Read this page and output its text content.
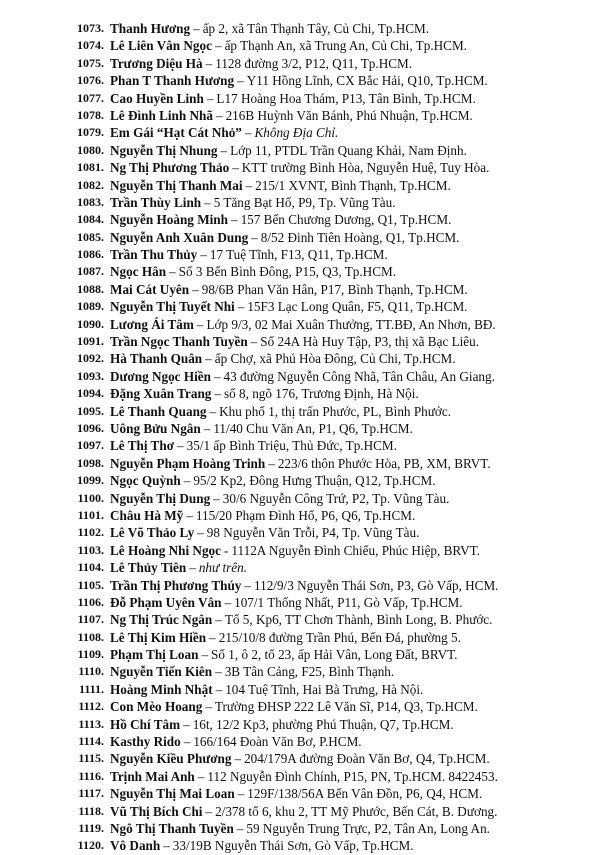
1073. Thanh Hương – ấp 2, xã Tân Thạnh Tây, Củ Chi, Tp.HCM.
1074. Lê Liên Vân Ngọc – ấp Thạnh An, xã Trung An, Củ Chi, Tp.HCM.
1075. Trương Diệu Hà – 1128 đường 3/2, P12, Q11, Tp.HCM.
1076. Phan T Thanh Hương – Y11 Hồng Lĩnh, CX Bắc Hải, Q10, Tp.HCM.
1077. Cao Huyền Linh – L17 Hoàng Hoa Thám, P13, Tân Bình, Tp.HCM.
1078. Lê Đình Linh Nhã – 216B Huỳnh Văn Bánh, Phú Nhuận, Tp.HCM.
1079. Em Gái “Hạt Cát Nhỏ” – Không Địa Chỉ.
1080. Nguyễn Thị Nhung – Lớp 11, PTDL Trần Quang Khải, Nam Định.
1081. Ng Thị Phương Thảo – KTT trường Bình Hòa, Nguyễn Huệ, Tuy Hòa.
1082. Nguyễn Thị Thanh Mai – 215/1 XVNT, Bình Thạnh, Tp.HCM.
1083. Trần Thùy Linh – 5 Tăng Bạt Hổ, P9, Tp. Vũng Tàu.
1084. Nguyễn Hoàng Minh – 157 Bến Chương Dương, Q1, Tp.HCM.
1085. Nguyễn Anh Xuân Dung – 8/52 Đinh Tiên Hoàng, Q1, Tp.HCM.
1086. Trần Thu Thủy – 17 Tuệ Tĩnh, F13, Q11, Tp.HCM.
1087. Ngọc Hân – Số 3 Bến Bình Đông, P15, Q3, Tp.HCM.
1088. Mai Cát Uyên – 98/6B Phan Văn Hân, P17, Bình Thạnh, Tp.HCM.
1089. Nguyễn Thị Tuyết Nhi – 15F3 Lạc Long Quân, F5, Q11, Tp.HCM.
1090. Lương Ái Tâm – Lớp 9/3, 02 Mai Xuân Thưởng, TT.BĐ, An Nhơn, BĐ.
1091. Trần Ngọc Thanh Tuyền – Số 24A Hà Huy Tập, P3, thị xã Bạc Liêu.
1092. Hà Thanh Quân – ấp Chợ, xã Phú Hòa Đông, Củ Chi, Tp.HCM.
1093. Dương Ngọc Hiền – 43 đường Nguyễn Công Nhã, Tân Châu, An Giang.
1094. Đặng Xuân Trang – số 8, ngõ 176, Trương Định, Hà Nội.
1095. Lê Thanh Quang – Khu phố 1, thị trấn Phước, PL, Bình Phước.
1096. Uông Bửu Ngân – 11/40 Chu Văn An, P1, Q6, Tp.HCM.
1097. Lê Thị Thơ – 35/1 ấp Bình Triệu, Thủ Đức, Tp.HCM.
1098. Nguyễn Phạm Hoàng Trinh – 223/6 thôn Phước Hòa, PB, XM, BRVT.
1099. Ngọc Quỳnh – 95/2 Kp2, Đông Hưng Thuận, Q12, Tp.HCM.
1100. Nguyễn Thị Dung – 30/6 Nguyễn Công Trứ, P2, Tp. Vũng Tàu.
1101. Châu Hà Mỹ – 115/20 Phạm Đình Hổ, P6, Q6, Tp.HCM.
1102. Lê Võ Thảo Ly – 98 Nguyễn Văn Trỗi, P4, Tp. Vũng Tàu.
1103. Lê Hoàng Nhi Ngọc - 1112A Nguyễn Đình Chiểu, Phúc Hiệp, BRVT.
1104. Lê Thủy Tiên – như trên.
1105. Trần Thị Phương Thúy – 112/9/3 Nguyễn Thái Sơn, P3, Gò Vấp, HCM.
1106. Đỗ Phạm Uyên Vân – 107/1 Thống Nhất, P11, Gò Vấp, Tp.HCM.
1107. Ng Thị Trúc Ngân – Tổ 5, Kp6, TT Chơn Thành, Bình Long, B. Phước.
1108. Lê Thị Kim Hiền – 215/10/8 đường Trần Phú, Bến Đá, phường 5.
1109. Phạm Thị Loan – Số 1, ô 2, tổ 23, ấp Hải Vân, Long Đất, BRVT.
1110. Nguyễn Tiến Kiên – 3B Tân Cảng, F25, Bình Thạnh.
1111. Hoàng Minh Nhật – 104 Tuệ Tĩnh, Hai Bà Trưng, Hà Nội.
1112. Con Mèo Hoang – Trường ĐHSP 222 Lê Văn Sĩ, P14, Q3, Tp.HCM.
1113. Hồ Chí Tâm – 16t, 12/2 Kp3, phường Phú Thuận, Q7, Tp.HCM.
1114. Kasthy Rido – 166/164 Đoàn Văn Bơ, P.HCM.
1115. Nguyễn Kiều Phương – 204/179A đường Đoàn Văn Bơ, Q4, Tp.HCM.
1116. Trịnh Mai Anh – 112 Nguyễn Đình Chính, P15, PN, Tp.HCM. 8422453.
1117. Nguyễn Thị Mai Loan – 129F/138/56A Bến Vân Đồn, P6, Q4, HCM.
1118. Vũ Thị Bích Chi – 2/378 tổ 6, khu 2, TT Mỹ Phước, Bến Cát, B. Dương.
1119. Ngô Thị Thanh Tuyền – 59 Nguyễn Trung Trực, P2, Tân An, Long An.
1120. Vô Danh – 33/19B Nguyễn Thái Sơn, Gò Vấp, Tp.HCM.
